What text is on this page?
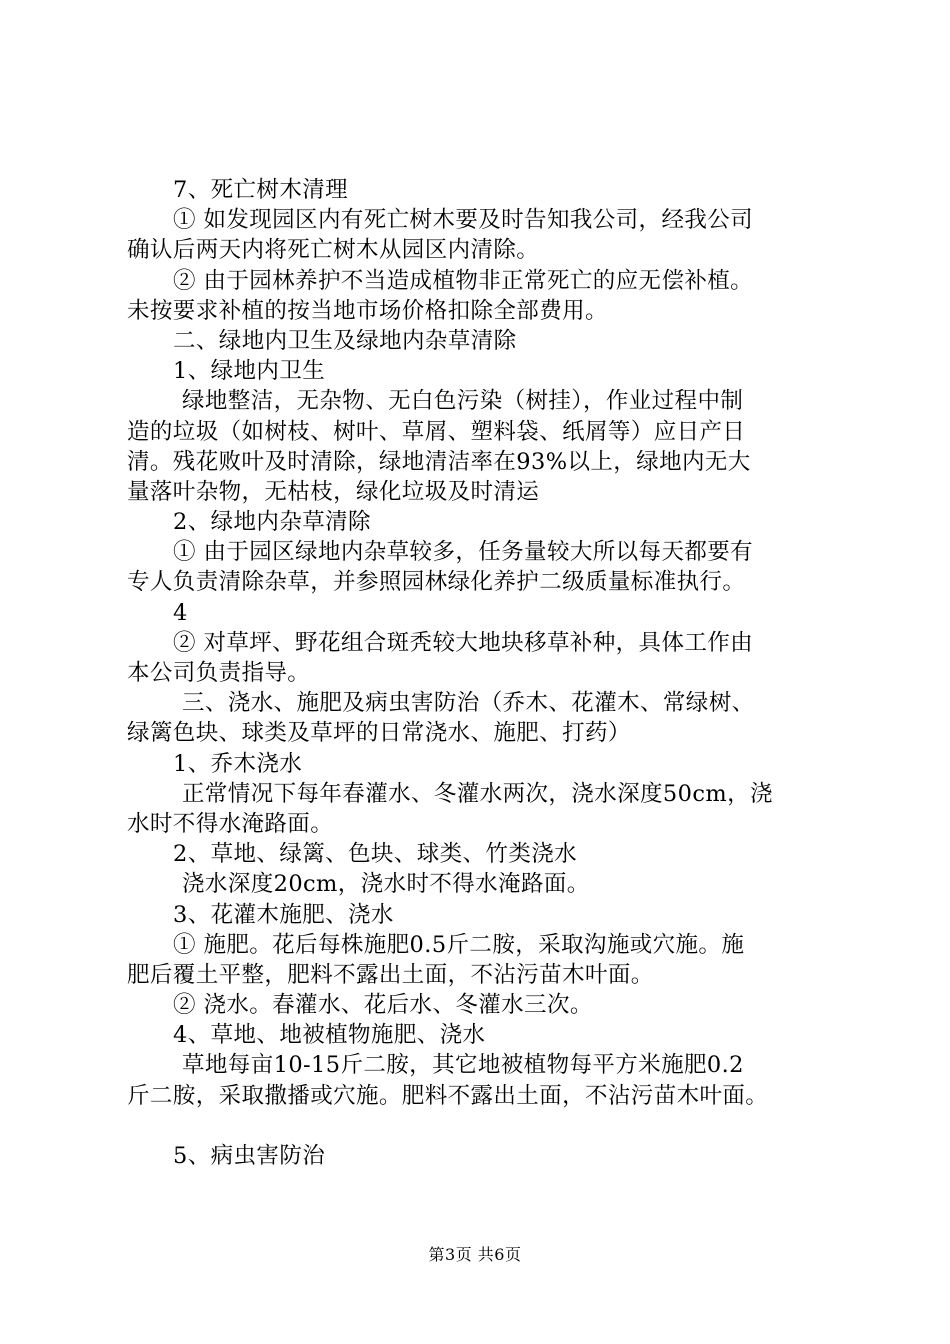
7、死亡树木清理
① 如发现园区内有死亡树木要及时告知我公司，经我公司
确认后两天内将死亡树木从园区内清除。
② 由于园林养护不当造成植物非正常死亡的应无偿补植。
未按要求补植的按当地市场价格扣除全部费用。
二、绿地内卫生及绿地内杂草清除
1、绿地内卫生
绿地整洁，无杂物、无白色污染（树挂），作业过程中制
造的垃圾（如树枝、树叶、草屑、塑料袋、纸屑等）应日产日
清。残花败叶及时清除，绿地清洁率在93%以上，绿地内无大
量落叶杂物，无枯枝，绿化垃圾及时清运
2、绿地内杂草清除
① 由于园区绿地内杂草较多，任务量较大所以每天都要有
专人负责清除杂草，并参照园林绿化养护二级质量标准执行。
4
② 对草坪、野花组合斑秃较大地块移草补种，具体工作由
本公司负责指导。
三、浇水、施肥及病虫害防治（乔木、花灌木、常绿树、
绿篱色块、球类及草坪的日常浇水、施肥、打药）
1、乔木浇水
正常情况下每年春灌水、冬灌水两次，浇水深度50cm，浇
水时不得水淹路面。
2、草地、绿篱、色块、球类、竹类浇水
浇水深度20cm，浇水时不得水淹路面。
3、花灌木施肥、浇水
① 施肥。花后每株施肥0.5斤二胺，采取沟施或穴施。施
肥后覆土平整，肥料不露出土面，不沾污苗木叶面。
② 浇水。春灌水、花后水、冬灌水三次。
4、草地、地被植物施肥、浇水
草地每亩10-15斤二胺，其它地被植物每平方米施肥0.2
斤二胺，采取撒播或穴施。肥料不露出土面，不沾污苗木叶面。
5、病虫害防治
第3页 共6页
